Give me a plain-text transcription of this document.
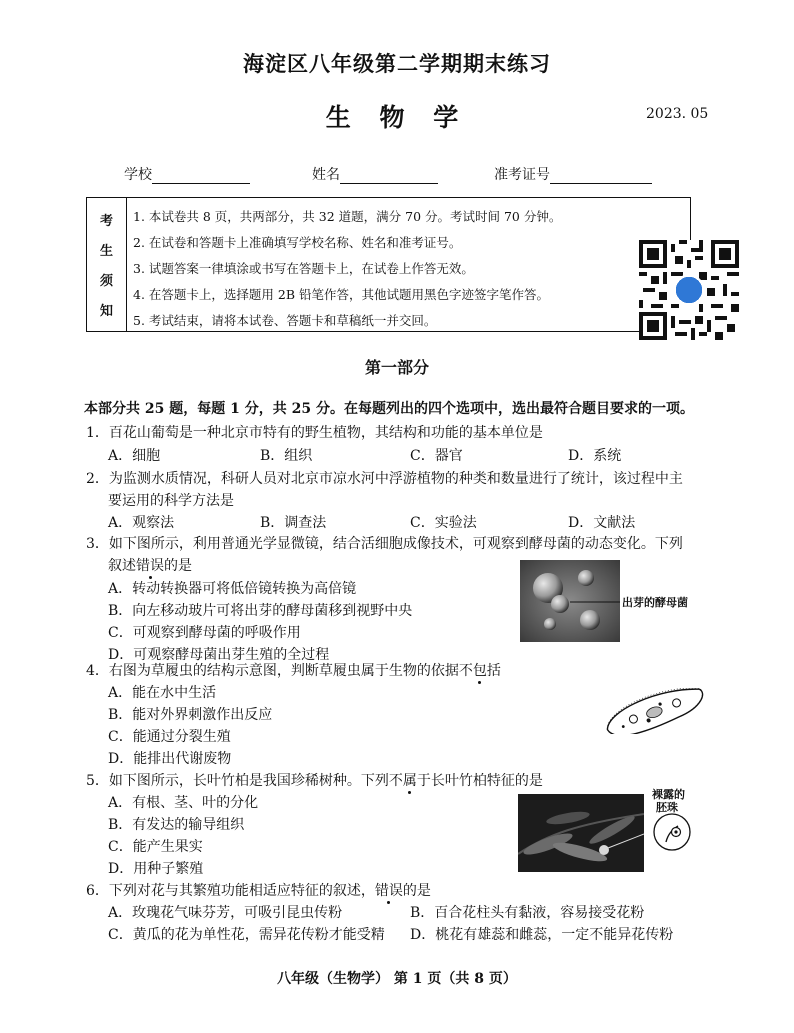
海淀区八年级第二学期期末练习
生 物 学	2023. 05
学校	姓名	准考证号
考
生
须
知
1. 本试卷共 8 页，共两部分，共 32 道题，满分 70 分。考试时间 70 分钟。
2. 在试卷和答题卡上准确填写学校名称、姓名和准考证号。
3. 试题答案一律填涂或书写在答题卡上，在试卷上作答无效。
4. 在答题卡上，选择题用 2B 铅笔作答，其他试题用黑色字迹签字笔作答。
5. 考试结束，请将本试卷、答题卡和草稿纸一并交回。
第一部分
本部分共 25 题，每题 1 分，共 25 分。在每题列出的四个选项中，选出最符合题目要求的一项。
1．百花山葡萄是一种北京市特有的野生植物，其结构和功能的基本单位是
A．细胞	B．组织	C．器官	D．系统
2．为监测水质情况，科研人员对北京市凉水河中浮游植物的种类和数量进行了统计，该过程中主
要运用的科学方法是
A．观察法	B．调查法	C．实验法	D．文献法
3．如下图所示，利用普通光学显微镜，结合活细胞成像技术，可观察到酵母菌的动态变化。下列
叙述错误的是
A．转动转换器可将低倍镜转换为高倍镜
B．向左移动玻片可将出芽的酵母菌移到视野中央
C．可观察到酵母菌的呼吸作用
D．可观察酵母菌出芽生殖的全过程
出芽的酵母菌
4．右图为草履虫的结构示意图，判断草履虫属于生物的依据不包括
A．能在水中生活
B．能对外界刺激作出反应
C．能通过分裂生殖
D．能排出代谢废物
5．如下图所示，长叶竹柏是我国珍稀树种。下列不属于长叶竹柏特征的是
A．有根、茎、叶的分化
B．有发达的输导组织
C．能产生果实
D．用种子繁殖
裸露的
胚珠
6．下列对花与其繁殖功能相适应特征的叙述，错误的是
A．玫瑰花气味芬芳，可吸引昆虫传粉	B．百合花柱头有黏液，容易接受花粉
C．黄瓜的花为单性花，需异花传粉才能受精 D．桃花有雄蕊和雌蕊，一定不能异花传粉
八年级（生物学） 第 1 页（共 8 页）
